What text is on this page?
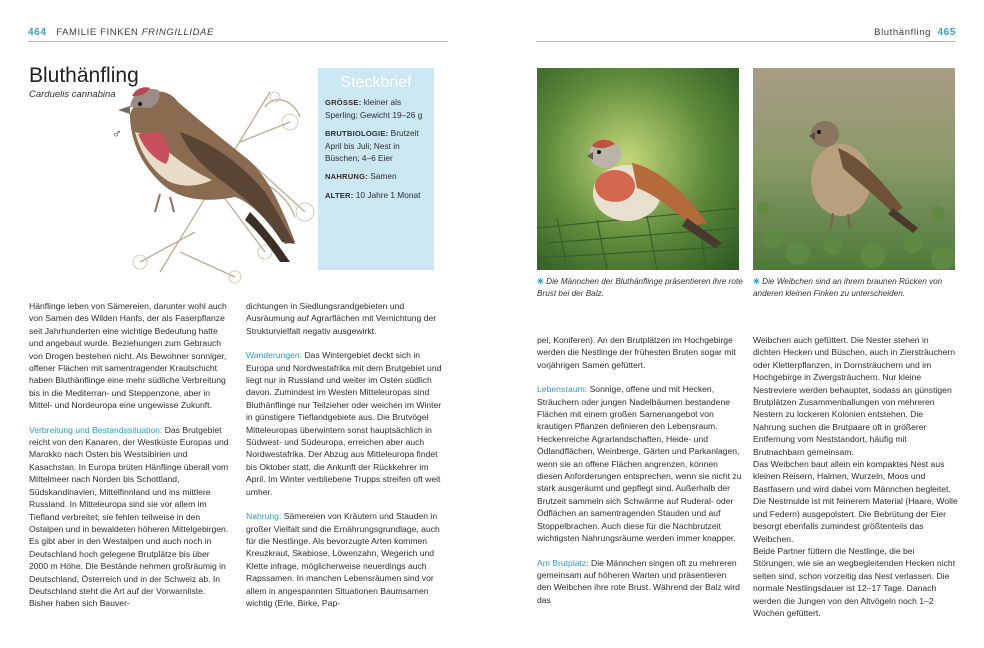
464 FAMILIE FINKEN FRINGILLIDAE	Bluthänfling 465
Bluthänfling
Carduelis cannabina
♂
Steckbrief
GRÖSSE: kleiner als Sperling; Gewicht 19–26 g
BRUTBIOLOGIE: Brutzeit April bis Juli; Nest in Büschen; 4–6 Eier
NAHRUNG: Samen
ALTER: 10 Jahre 1 Monat
✱ Die Männchen der Bluthänflinge präsentieren ihre rote Brust bei der Balz.
✱ Die Weibchen sind an ihrem braunen Rücken von anderen kleinen Finken zu unterscheiden.

Hänflinge leben von Sämereien, darunter wohl auch von Samen des Wilden Hanfs, der als Faserpflanze seit Jahrhunderten eine wichtige Bedeutung hatte und angebaut wurde. Beziehungen zum Gebrauch von Drogen bestehen nicht. Als Bewohner sonniger, offener Flächen mit samentragender Krautschicht haben Bluthänflinge eine mehr südliche Verbreitung bis in die Mediterran- und Steppenzone, aber in Mittel- und Nordeuropa eine ungewisse Zukunft.

Verbreitung und Bestandssituation: Das Brutgebiet reicht von den Kanaren, der Westküste Europas und Marokko nach Osten bis Westsibirien und Kasachstan. In Europa brüten Hänflinge überall vom Mittelmeer nach Norden bis Schottland, Südskandinavien, Mittelfinnland und ins mittlere Russland. In Mitteleuropa sind sie vor allem im Tiefland verbreitet; sie fehlen teilweise in den Ostalpen und in bewaldeten höheren Mittelgebirgen. Es gibt aber in den Westalpen und auch noch in Deutschland hoch gelegene Brutplätze bis über 2000 m Höhe. Die Bestände nehmen großräumig in Deutschland, Österreich und in der Schweiz ab. In Deutschland steht die Art auf der Vorwarnliste. Bisher haben sich Bauver-

dichtungen in Siedlungsrandgebieten und Ausräumung auf Agrarflächen mit Vernichtung der Strukturvielfalt negativ ausgewirkt.

Wanderungen: Das Wintergebiet deckt sich in Europa und Nordwestafrika mit dem Brutgebiet und liegt nur in Russland und weiter im Osten südlich davon. Zumindest im Westen Mitteleuropas sind Bluthänflinge nur Teilzieher oder weichen im Winter in günstigere Tieflandgebiete aus. Die Brutvögel Mitteleuropas überwintern sonst hauptsächlich in Südwest- und Südeuropa, erreichen aber auch Nordwestafrika. Der Abzug aus Mitteleuropa findet bis Oktober statt, die Ankunft der Rückkehrer im April. Im Winter verbliebene Trupps streifen oft weit umher.

Nahrung: Sämereien von Kräutern und Stauden in großer Vielfalt sind die Ernährungsgrundlage, auch für die Nestlinge. Als bevorzugte Arten kommen Kreuzkraut, Skabiose, Löwenzahn, Wegerich und Klette infrage, möglicherweise neuerdings auch Rapssamen. In manchen Lebensräumen sind vor allem in angespannten Situationen Baumsamen wichtig (Erle, Birke, Pap-

pel, Koniferen). An den Brutplätzen im Hochgebirge werden die Nestlinge der frühesten Bruten sogar mit vorjährigen Samen gefüttert.

Lebensraum: Sonnige, offene und mit Hecken, Sträuchern oder jungen Nadelbäumen bestandene Flächen mit einem großen Samenangebot von krautigen Pflanzen definieren den Lebensraum. Heckenreiche Agrarlandschaften, Heide- und Ödlandflächen, Weinberge, Gärten und Parkanlagen, wenn sie an offene Flächen angrenzen, können diesen Anforderungen entsprechen, wenn sie nicht zu stark ausgeräumt und gepflegt sind. Außerhalb der Brutzeit sammeln sich Schwärme auf Ruderal- oder Ödflächen an samentragenden Stauden und auf Stoppelbrachen. Auch diese für die Nachbrutzeit wichtigsten Nahrungsräume werden immer knapper.

Am Brutplatz: Die Männchen singen oft zu mehreren gemeinsam auf höheren Warten und präsentieren den Weibchen ihre rote Brust. Während der Balz wird das

Weibchen auch gefüttert. Die Nester stehen in dichten Hecken und Büschen, auch in Ziersträuchern oder Kletterpflanzen, in Dornsträuchern und im Hochgebirge in Zwergsträuchern. Nur kleine Nestreviere werden behauptet, sodass an günstigen Brutplätzen Zusammenballungen von mehreren Nestern zu lockeren Kolonien entstehen. Die Nahrung suchen die Brutpaare oft in größerer Entfernung vom Neststandort, häufig mit Brutnachbarn gemeinsam.

Das Weibchen baut allein ein kompaktes Nest aus kleinen Reisern, Halmen, Wurzeln, Moos und Bastfasern und wird dabei vom Männchen begleitet. Die Nestmulde ist mit feinerem Material (Haare, Wolle und Federn) ausgepolstert. Die Bebrütung der Eier besorgt ebenfalls zumindest größtenteils das Weibchen.

Beide Partner füttern die Nestlinge, die bei Störungen, wie sie an wegbegleitenden Hecken nicht selten sind, schon vorzeitig das Nest verlassen. Die normale Nestlingsdauer ist 12–17 Tage. Danach werden die Jungen von den Altvögeln noch 1–2 Wochen gefüttert.
